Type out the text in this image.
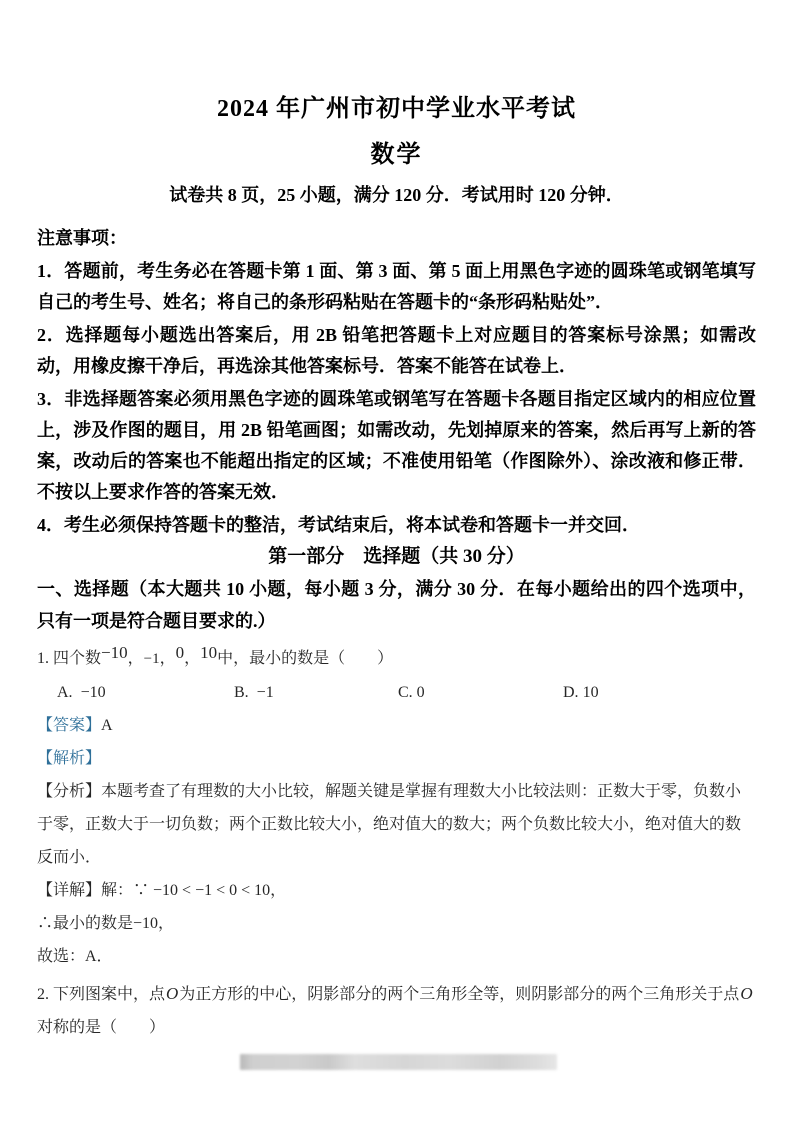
2024 年广州市初中学业水平考试
数学

试卷共 8 页，25 小题，满分 120 分．考试用时 120 分钟．

注意事项：

1．答题前，考生务必在答题卡第 1 面、第 3 面、第 5 面上用黑色字迹的圆珠笔或钢笔填写自己的考生号、姓名；将自己的条形码粘贴在答题卡的“条形码粘贴处”．

2．选择题每小题选出答案后，用 2B 铅笔把答题卡上对应题目的答案标号涂黑；如需改动，用橡皮擦干净后，再选涂其他答案标号．答案不能答在试卷上．

3．非选择题答案必须用黑色字迹的圆珠笔或钢笔写在答题卡各题目指定区域内的相应位置上，涉及作图的题目，用 2B 铅笔画图；如需改动，先划掉原来的答案，然后再写上新的答案，改动后的答案也不能超出指定的区域；不准使用铅笔（作图除外）、涂改液和修正带．不按以上要求作答的答案无效．

4．考生必须保持答题卡的整洁，考试结束后，将本试卷和答题卡一并交回．

第一部分　选择题（共 30 分）

一、选择题（本大题共 10 小题，每小题 3 分，满分 30 分．在每小题给出的四个选项中，只有一项是符合题目要求的.）

1. 四个数−10，−1，0，10中，最小的数是（　　）

A. −10	B. −1	C. 0	D. 10

【答案】A

【解析】

【分析】本题考查了有理数的大小比较，解题关键是掌握有理数大小比较法则：正数大于零，负数小于零，正数大于一切负数；两个正数比较大小，绝对值大的数大；两个负数比较大小，绝对值大的数反而小．

【详解】解：∵ −10 < −1 < 0 < 10，

∴最小的数是−10，

故选：A．

2. 下列图案中，点O为正方形的中心，阴影部分的两个三角形全等，则阴影部分的两个三角形关于点O对称的是（　　）
